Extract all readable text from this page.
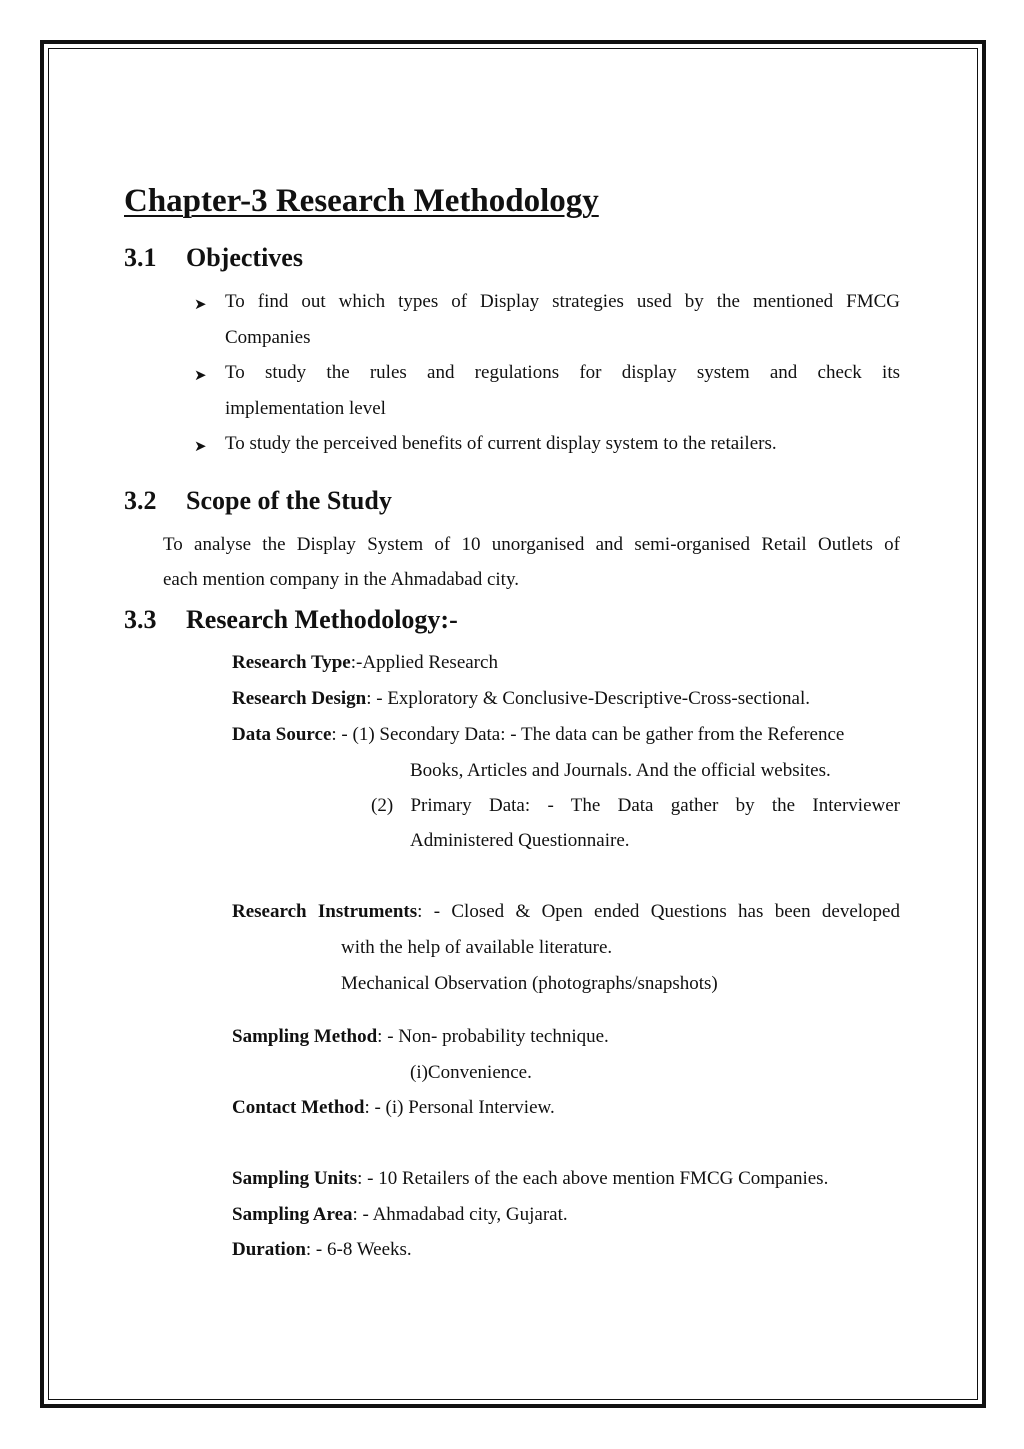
Chapter-3 Research Methodology
3.1 Objectives
➤ To find out which types of Display strategies used by the mentioned FMCG
Companies
➤ To study the rules and regulations for display system and check its
implementation level
➤ To study the perceived benefits of current display system to the retailers.
3.2 Scope of the Study
To analyse the Display System of 10 unorganised and semi-organised Retail Outlets of
each mention company in the Ahmadabad city.
3.3 Research Methodology:-
Research Type:-Applied Research
Research Design: - Exploratory & Conclusive-Descriptive-Cross-sectional.
Data Source: - (1) Secondary Data: - The data can be gather from the Reference
Books, Articles and Journals. And the official websites.
(2) Primary Data: - The Data gather by the Interviewer
Administered Questionnaire.
Research Instruments: - Closed & Open ended Questions has been developed
with the help of available literature.
Mechanical Observation (photographs/snapshots)
Sampling Method: - Non- probability technique.
(i)Convenience.
Contact Method: - (i) Personal Interview.
Sampling Units: - 10 Retailers of the each above mention FMCG Companies.
Sampling Area: - Ahmadabad city, Gujarat.
Duration: - 6-8 Weeks.
